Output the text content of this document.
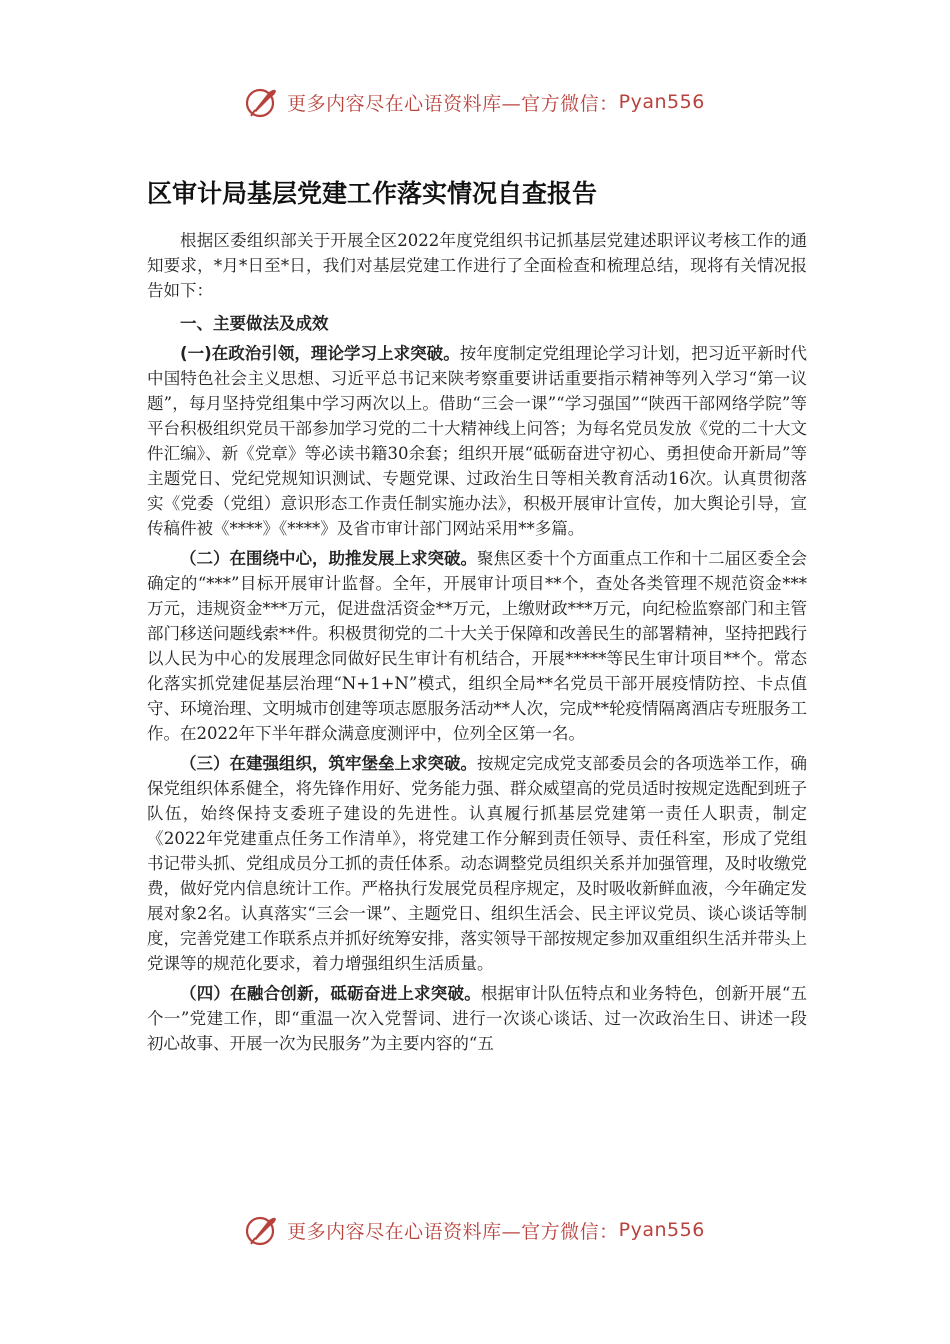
更多内容尽在心语资料库—官方微信： Pyan556
区审计局基层党建工作落实情况自查报告

根据区委组织部关于开展全区2022年度党组织书记抓基层党建述职评议考核工作的通知要求，*月*日至*日，我们对基层党建工作进行了全面检查和梳理总结，现将有关情况报告如下：

一、主要做法及成效

(一)在政治引领，理论学习上求突破。按年度制定党组理论学习计划，把习近平新时代中国特色社会主义思想、习近平总书记来陕考察重要讲话重要指示精神等列入学习“第一议题”，每月坚持党组集中学习两次以上。借助“三会一课”“学习强国”“陕西干部网络学院”等平台积极组织党员干部参加学习党的二十大精神线上问答；为每名党员发放《党的二十大文件汇编》、新《党章》等必读书籍30余套；组织开展“砥砺奋进守初心、勇担使命开新局”等主题党日、党纪党规知识测试、专题党课、过政治生日等相关教育活动16次。认真贯彻落实《党委（党组）意识形态工作责任制实施办法》，积极开展审计宣传，加大舆论引导，宣传稿件被《****》《****》及省市审计部门网站采用**多篇。

（二）在围绕中心，助推发展上求突破。聚焦区委十个方面重点工作和十二届区委全会确定的“***”目标开展审计监督。全年，开展审计项目**个，查处各类管理不规范资金***万元，违规资金***万元，促进盘活资金**万元，上缴财政***万元，向纪检监察部门和主管部门移送问题线索**件。积极贯彻党的二十大关于保障和改善民生的部署精神，坚持把践行以人民为中心的发展理念同做好民生审计有机结合，开展*****等民生审计项目**个。常态化落实抓党建促基层治理“N+1+N”模式，组织全局**名党员干部开展疫情防控、卡点值守、环境治理、文明城市创建等项志愿服务活动**人次，完成**轮疫情隔离酒店专班服务工作。在2022年下半年群众满意度测评中，位列全区第一名。

（三）在建强组织，筑牢堡垒上求突破。按规定完成党支部委员会的各项选举工作，确保党组织体系健全，将先锋作用好、党务能力强、群众威望高的党员适时按规定选配到班子队伍，始终保持支委班子建设的先进性。认真履行抓基层党建第一责任人职责，制定《2022年党建重点任务工作清单》，将党建工作分解到责任领导、责任科室，形成了党组书记带头抓、党组成员分工抓的责任体系。动态调整党员组织关系并加强管理，及时收缴党费，做好党内信息统计工作。严格执行发展党员程序规定，及时吸收新鲜血液，今年确定发展对象2名。认真落实“三会一课”、主题党日、组织生活会、民主评议党员、谈心谈话等制度，完善党建工作联系点并抓好统筹安排，落实领导干部按规定参加双重组织生活并带头上党课等的规范化要求，着力增强组织生活质量。

（四）在融合创新，砥砺奋进上求突破。根据审计队伍特点和业务特色，创新开展“五个一”党建工作，即“重温一次入党誓词、进行一次谈心谈话、过一次政治生日、讲述一段初心故事、开展一次为民服务”为主要内容的“五

更多内容尽在心语资料库—官方微信： Pyan556
